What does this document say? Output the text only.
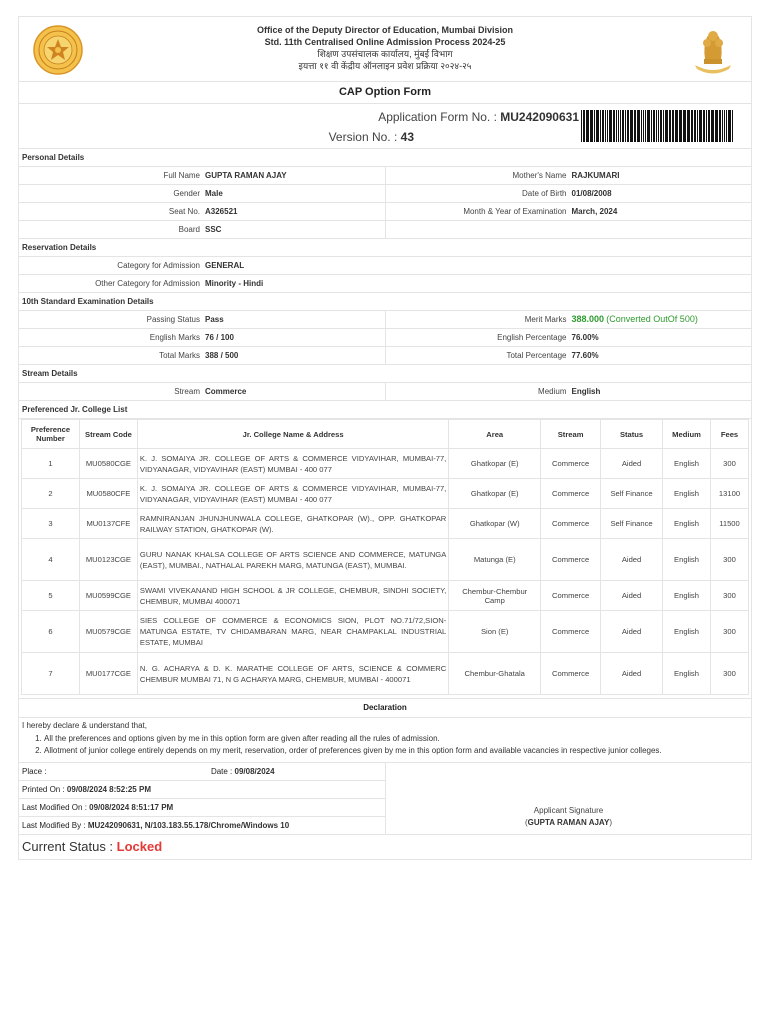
Office of the Deputy Director of Education, Mumbai Division
Std. 11th Centralised Online Admission Process 2024-25
शिक्षण उपसंचालक कार्यालय, मुंबई विभाग
इयत्ता ११ वी केंद्रीय ऑनलाइन प्रवेश प्रक्रिया २०२४-२५
CAP Option Form
Application Form No. : MU242090631
Version No. : 43
Personal Details
Full Name GUPTA RAMAN AJAY	Mother's Name RAJKUMARI
Gender Male	Date of Birth 01/08/2008
Seat No. A326521	Month & Year of Examination March, 2024
Board SSC
Reservation Details
Category for Admission GENERAL
Other Category for Admission Minority - Hindi
10th Standard Examination Details
Passing Status Pass	Merit Marks 388.000
(Converted OutOf 500)
English Marks 76 / 100	English Percentage 76.00%
Total Marks 388 / 500	Total Percentage 77.60%
Stream Details
Stream Commerce	Medium English
Preferenced Jr. College List
Preference Number	Stream Code	Jr. College Name & Address	Area	Stream	Status	Medium	Fees
1	MU0580CGE	K. J. SOMAIYA JR. COLLEGE OF ARTS & COMMERCE VIDYAVIHAR, MUMBAI-77, VIDYANAGAR, VIDYAVIHAR (EAST) MUMBAI - 400 077	Ghatkopar (E)	Commerce	Aided	English	300
2	MU0580CFE	K. J. SOMAIYA JR. COLLEGE OF ARTS & COMMERCE VIDYAVIHAR, MUMBAI-77, VIDYANAGAR, VIDYAVIHAR (EAST) MUMBAI - 400 077	Ghatkopar (E)	Commerce	Self Finance	English	13100
3	MU0137CFE	RAMNIRANJAN JHUNJHUNWALA COLLEGE, GHATKOPAR (W)., OPP. GHATKOPAR RAILWAY STATION, GHATKOPAR (W).	Ghatkopar (W)	Commerce	Self Finance	English	11500
4	MU0123CGE	GURU NANAK KHALSA COLLEGE OF ARTS SCIENCE AND COMMERCE, MATUNGA (EAST), MUMBAI., NATHALAL PAREKH MARG, MATUNGA (EAST), MUMBAI.	Matunga (E)	Commerce	Aided	English	300
5	MU0599CGE	SWAMI VIVEKANAND HIGH SCHOOL & JR COLLEGE, CHEMBUR, SINDHI SOCIETY, CHEMBUR, MUMBAI 400071	Chembur-Chembur Camp	Commerce	Aided	English	300
6	MU0579CGE	SIES COLLEGE OF COMMERCE & ECONOMICS SION, PLOT NO.71/72,SION-MATUNGA ESTATE, TV CHIDAMBARAN MARG, NEAR CHAMPAKLAL INDUSTRIAL ESTATE, MUMBAI	Sion (E)	Commerce	Aided	English	300
7	MU0177CGE	N. G. ACHARYA & D. K. MARATHE COLLEGE OF ARTS, SCIENCE & COMMERC CHEMBUR MUMBAI 71, N G ACHARYA MARG, CHEMBUR, MUMBAI - 400071	Chembur-Ghatala	Commerce	Aided	English	300
Declaration
I hereby declare & understand that,
1. All the preferences and options given by me in this option form are given after reading all the rules of admission.
2. Allotment of junior college entirely depends on my merit, reservation, order of preferences given by me in this option form and available vacancies in respective junior colleges.
Place :	Date : 09/08/2024
Printed On : 09/08/2024 8:52:25 PM
Last Modified On : 09/08/2024 8:51:17 PM
Last Modified By : MU242090631, N/103.183.55.178/Chrome/Windows 10
Applicant Signature
(GUPTA RAMAN AJAY)
Current Status : Locked
